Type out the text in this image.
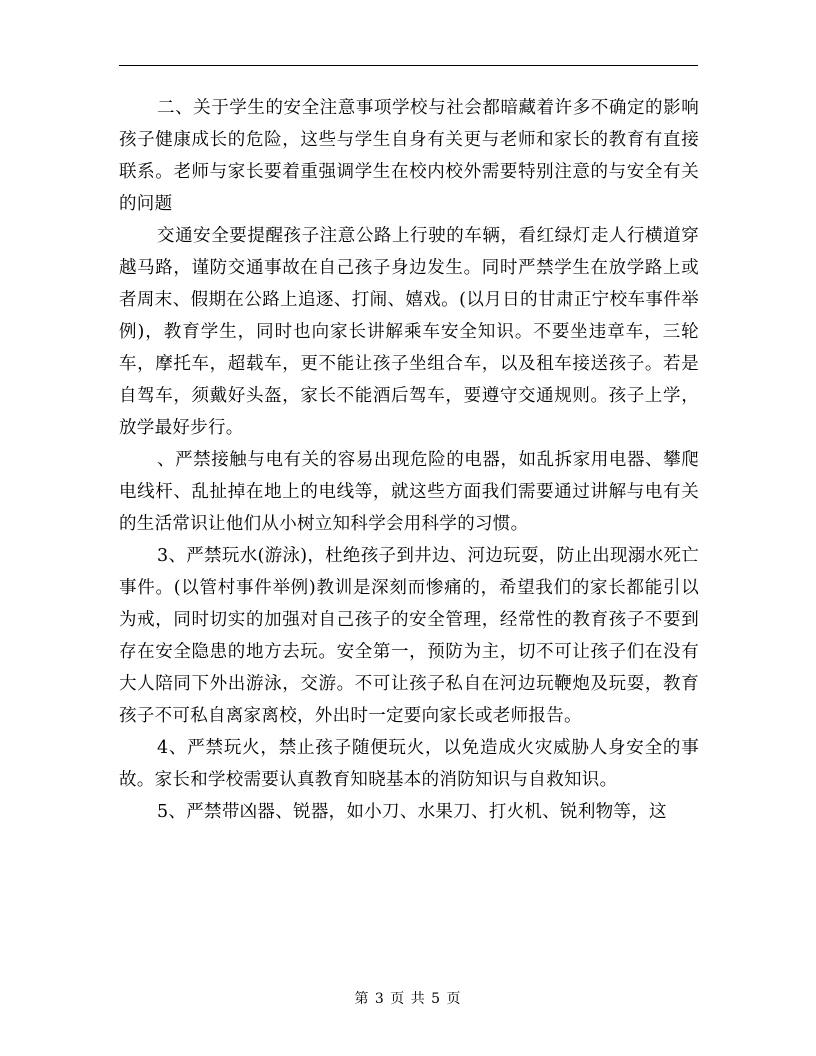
二、关于学生的安全注意事项学校与社会都暗藏着许多不确定的影响孩子健康成长的危险，这些与学生自身有关更与老师和家长的教育有直接联系。老师与家长要着重强调学生在校内校外需要特别注意的与安全有关的问题

交通安全要提醒孩子注意公路上行驶的车辆，看红绿灯走人行横道穿越马路，谨防交通事故在自己孩子身边发生。同时严禁学生在放学路上或者周末、假期在公路上追逐、打闹、嬉戏。(以月日的甘肃正宁校车事件举例)，教育学生，同时也向家长讲解乘车安全知识。不要坐违章车，三轮车，摩托车，超载车，更不能让孩子坐组合车，以及租车接送孩子。若是自驾车，须戴好头盔，家长不能酒后驾车，要遵守交通规则。孩子上学，放学最好步行。

、严禁接触与电有关的容易出现危险的电器，如乱拆家用电器、攀爬电线杆、乱扯掉在地上的电线等，就这些方面我们需要通过讲解与电有关的生活常识让他们从小树立知科学会用科学的习惯。

3、严禁玩水(游泳)，杜绝孩子到井边、河边玩耍，防止出现溺水死亡事件。(以管村事件举例)教训是深刻而惨痛的，希望我们的家长都能引以为戒，同时切实的加强对自己孩子的安全管理，经常性的教育孩子不要到存在安全隐患的地方去玩。安全第一，预防为主，切不可让孩子们在没有大人陪同下外出游泳，交游。不可让孩子私自在河边玩鞭炮及玩耍，教育孩子不可私自离家离校，外出时一定要向家长或老师报告。

4、严禁玩火，禁止孩子随便玩火，以免造成火灾威胁人身安全的事故。家长和学校需要认真教育知晓基本的消防知识与自救知识。

5、严禁带凶器、锐器，如小刀、水果刀、打火机、锐利物等，这

第 3 页 共 5 页
